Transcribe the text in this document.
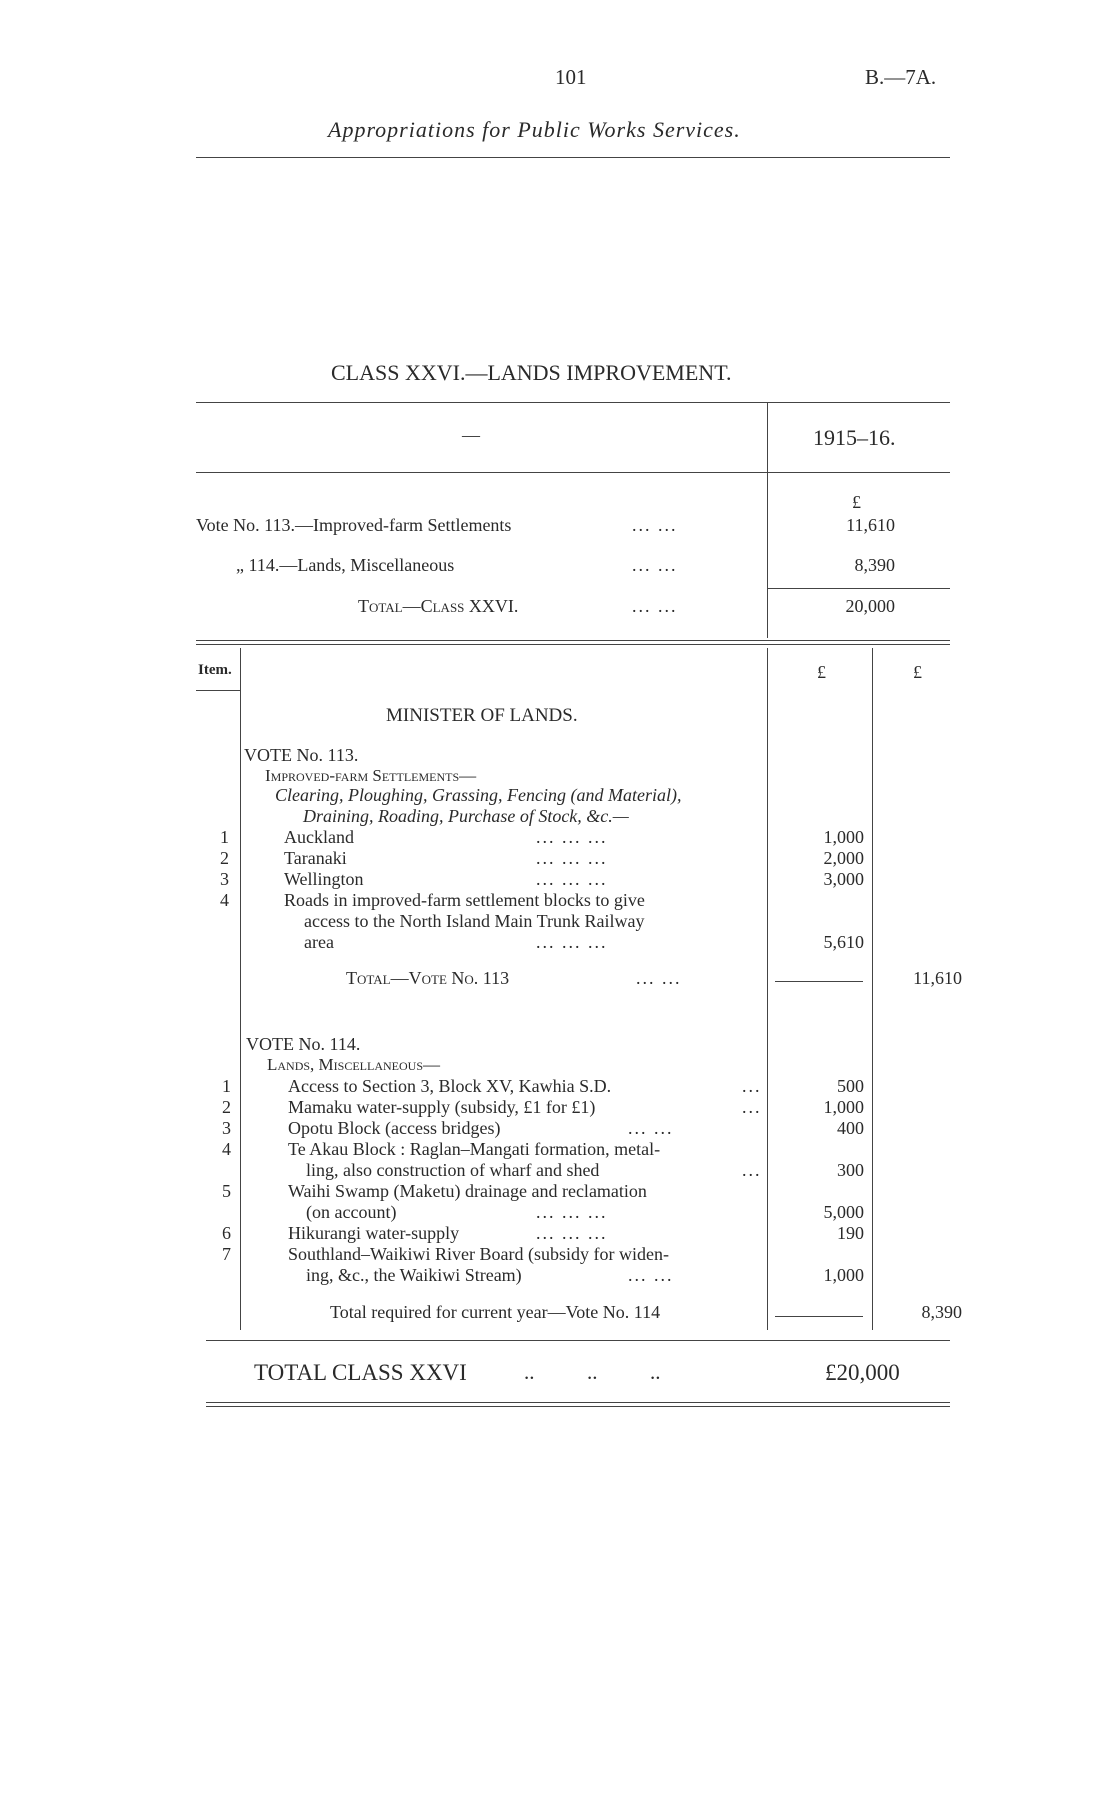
101	B.—7A.
Appropriations for Public Works Services.
CLASS XXVI.—LANDS IMPROVEMENT.
—	1915–16.
£
Vote No. 113.—Improved-farm Settlements	... ...	11,610
„ 114.—Lands, Miscellaneous	... ...	8,390
Total—Class XXVI.	... ...	20,000
Item.	£	£
MINISTER OF LANDS.
VOTE No. 113.
Improved-farm Settlements—
Clearing, Ploughing, Grassing, Fencing (and Material),
Draining, Roading, Purchase of Stock, &c.—
1	Auckland	... ... ...	1,000
2	Taranaki	... ... ...	2,000
3	Wellington	... ... ...	3,000
4	Roads in improved-farm settlement blocks to give
access to the North Island Main Trunk Railway
area	... ... ...	5,610
Total—Vote No. 113	... ...	11,610
VOTE No. 114.
Lands, Miscellaneous—
1	Access to Section 3, Block XV, Kawhia S.D.	...	500
2	Mamaku water-supply (subsidy, £1 for £1)	...	1,000
3	Opotu Block (access bridges)	... ...	400
4	Te Akau Block : Raglan–Mangati formation, metal-
ling, also construction of wharf and shed	...	300
5	Waihi Swamp (Maketu) drainage and reclamation
(on account)	... ... ...	5,000
6	Hikurangi water-supply	... ... ...	190
7	Southland–Waikiwi River Board (subsidy for widen-
ing, &c., the Waikiwi Stream)	... ...	1,000
Total required for current year—Vote No. 114	8,390
TOTAL CLASS XXVI	..          ..          ..	£20,000
